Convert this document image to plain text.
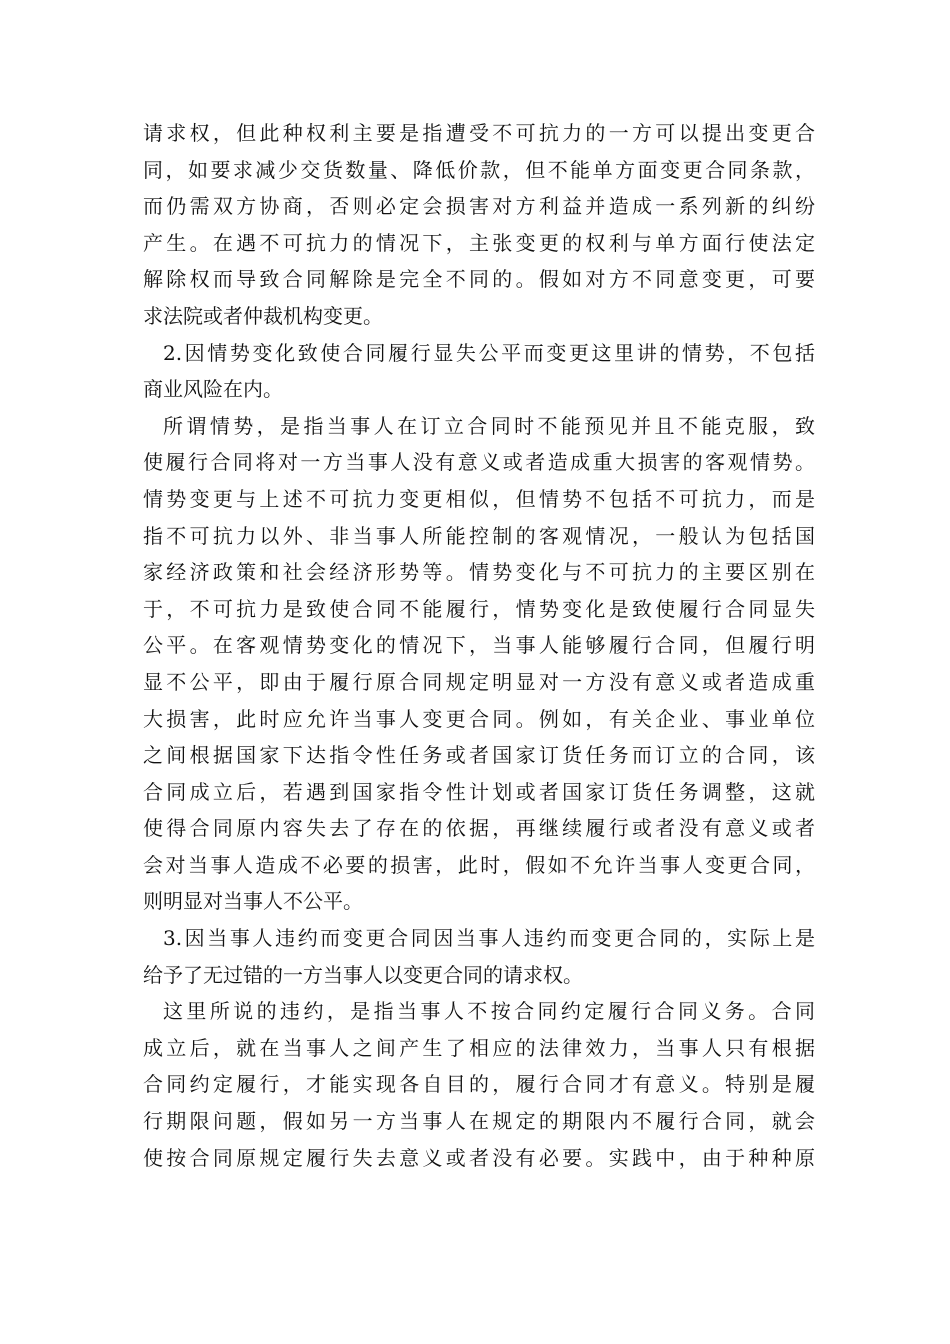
请求权，但此种权利主要是指遭受不可抗力的一方可以提出变更合
同，如要求减少交货数量、降低价款，但不能单方面变更合同条款，
而仍需双方协商，否则必定会损害对方利益并造成一系列新的纠纷
产生。在遇不可抗力的情况下，主张变更的权利与单方面行使法定
解除权而导致合同解除是完全不同的。假如对方不同意变更，可要
求法院或者仲裁机构变更。
2.因情势变化致使合同履行显失公平而变更这里讲的情势，不包括
商业风险在内。
所谓情势，是指当事人在订立合同时不能预见并且不能克服，致
使履行合同将对一方当事人没有意义或者造成重大损害的客观情势。
情势变更与上述不可抗力变更相似，但情势不包括不可抗力，而是
指不可抗力以外、非当事人所能控制的客观情况，一般认为包括国
家经济政策和社会经济形势等。情势变化与不可抗力的主要区别在
于，不可抗力是致使合同不能履行，情势变化是致使履行合同显失
公平。在客观情势变化的情况下，当事人能够履行合同，但履行明
显不公平，即由于履行原合同规定明显对一方没有意义或者造成重
大损害，此时应允许当事人变更合同。例如，有关企业、事业单位
之间根据国家下达指令性任务或者国家订货任务而订立的合同，该
合同成立后，若遇到国家指令性计划或者国家订货任务调整，这就
使得合同原内容失去了存在的依据，再继续履行或者没有意义或者
会对当事人造成不必要的损害，此时，假如不允许当事人变更合同，
则明显对当事人不公平。
3.因当事人违约而变更合同因当事人违约而变更合同的，实际上是
给予了无过错的一方当事人以变更合同的请求权。
这里所说的违约，是指当事人不按合同约定履行合同义务。合同
成立后，就在当事人之间产生了相应的法律效力，当事人只有根据
合同约定履行，才能实现各自目的，履行合同才有意义。特别是履
行期限问题，假如另一方当事人在规定的期限内不履行合同，就会
使按合同原规定履行失去意义或者没有必要。实践中，由于种种原
